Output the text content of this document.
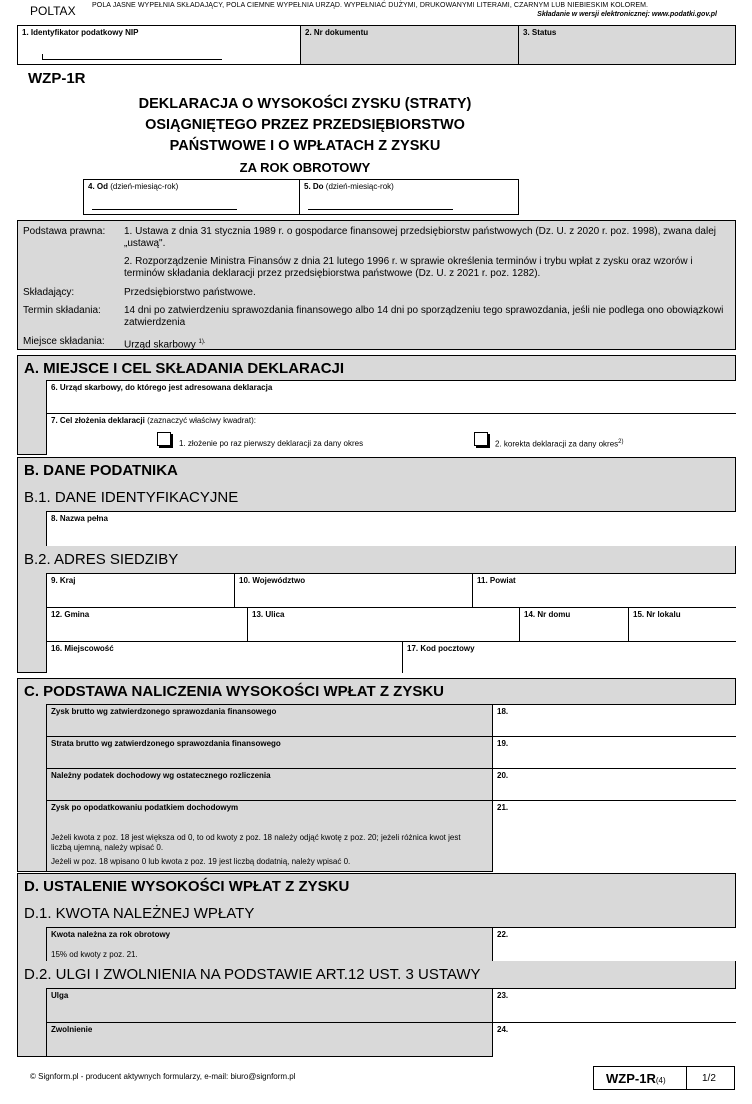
POLTAX POLA JASNE WYPEŁNIA SKŁADAJĄCY, POLA CIEMNE WYPEŁNIA URZĄD. WYPEŁNIAĆ DUŻYMI, DRUKOWANYMI LITERAMI, CZARNYM LUB NIEBIESKIM KOLOREM.
Składanie w wersji elektronicznej: www.podatki.gov.pl
1. Identyfikator podatkowy NIP	2. Nr dokumentu	3. Status
WZP-1R
DEKLARACJA O WYSOKOŚCI ZYSKU (STRATY)
OSIĄGNIĘTEGO PRZEZ PRZEDSIĘBIORSTWO
PAŃSTWOWE I O WPŁATACH Z ZYSKU
ZA ROK OBROTOWY
4. Od (dzień-miesiąc-rok)	5. Do (dzień-miesiąc-rok)
Podstawa prawna: 1. Ustawa z dnia 31 stycznia 1989 r. o gospodarce finansowej przedsiębiorstw państwowych (Dz. U. z 2020 r. poz. 1998), zwana dalej „ustawą".
2. Rozporządzenie Ministra Finansów z dnia 21 lutego 1996 r. w sprawie określenia terminów i trybu wpłat z zysku oraz wzorów i terminów składania deklaracji przez przedsiębiorstwa państwowe (Dz. U. z 2021 r. poz. 1282).
Składający:	Przedsiębiorstwo państwowe.
Termin składania: 14 dni po zatwierdzeniu sprawozdania finansowego albo 14 dni po sporządzeniu tego sprawozdania, jeśli nie podlega ono obowiązkowi zatwierdzenia
Miejsce składania: Urząd skarbowy $^{1).}$
A. MIEJSCE I CEL SKŁADANIA DEKLARACJI
6. Urząd skarbowy, do którego jest adresowana deklaracja
7. Cel złożenia deklaracji (zaznaczyć właściwy kwadrat):
1. złożenie po raz pierwszy deklaracji za dany okres	2. korekta deklaracji za dany okres$^{2)}$
B. DANE PODATNIKA
B.1. DANE IDENTYFIKACYJNE
8. Nazwa pełna
B.2. ADRES SIEDZIBY
9. Kraj	10. Województwo	11. Powiat
12. Gmina	13. Ulica	14. Nr domu	15. Nr lokalu
16. Miejscowość	17. Kod pocztowy
C. PODSTAWA NALICZENIA WYSOKOŚCI WPŁAT Z ZYSKU
Zysk brutto wg zatwierdzonego sprawozdania finansowego	18.
Strata brutto wg zatwierdzonego sprawozdania finansowego	19.
Należny podatek dochodowy wg ostatecznego rozliczenia	20.
Zysk po opodatkowaniu podatkiem dochodowym
Jeżeli kwota z poz. 18 jest większa od 0, to od kwoty z poz. 18 należy odjąć kwotę z poz. 20; jeżeli różnica kwot jest liczbą ujemną, należy wpisać 0.
Jeżeli w poz. 18 wpisano 0 lub kwota z poz. 19 jest liczbą dodatnią, należy wpisać 0.
21.
D. USTALENIE WYSOKOŚCI WPŁAT Z ZYSKU
D.1. KWOTA NALEŻNEJ WPŁATY
Kwota należna za rok obrotowy
15% od kwoty z poz. 21.
22.
D.2. ULGI I ZWOLNIENIA NA PODSTAWIE ART.12 UST. 3 USTAWY
Ulga	23.
Zwolnienie	24.
© Signform.pl - producent aktywnych formularzy, e-mail: biuro@signform.pl	WZP-1R(4)	1/2
